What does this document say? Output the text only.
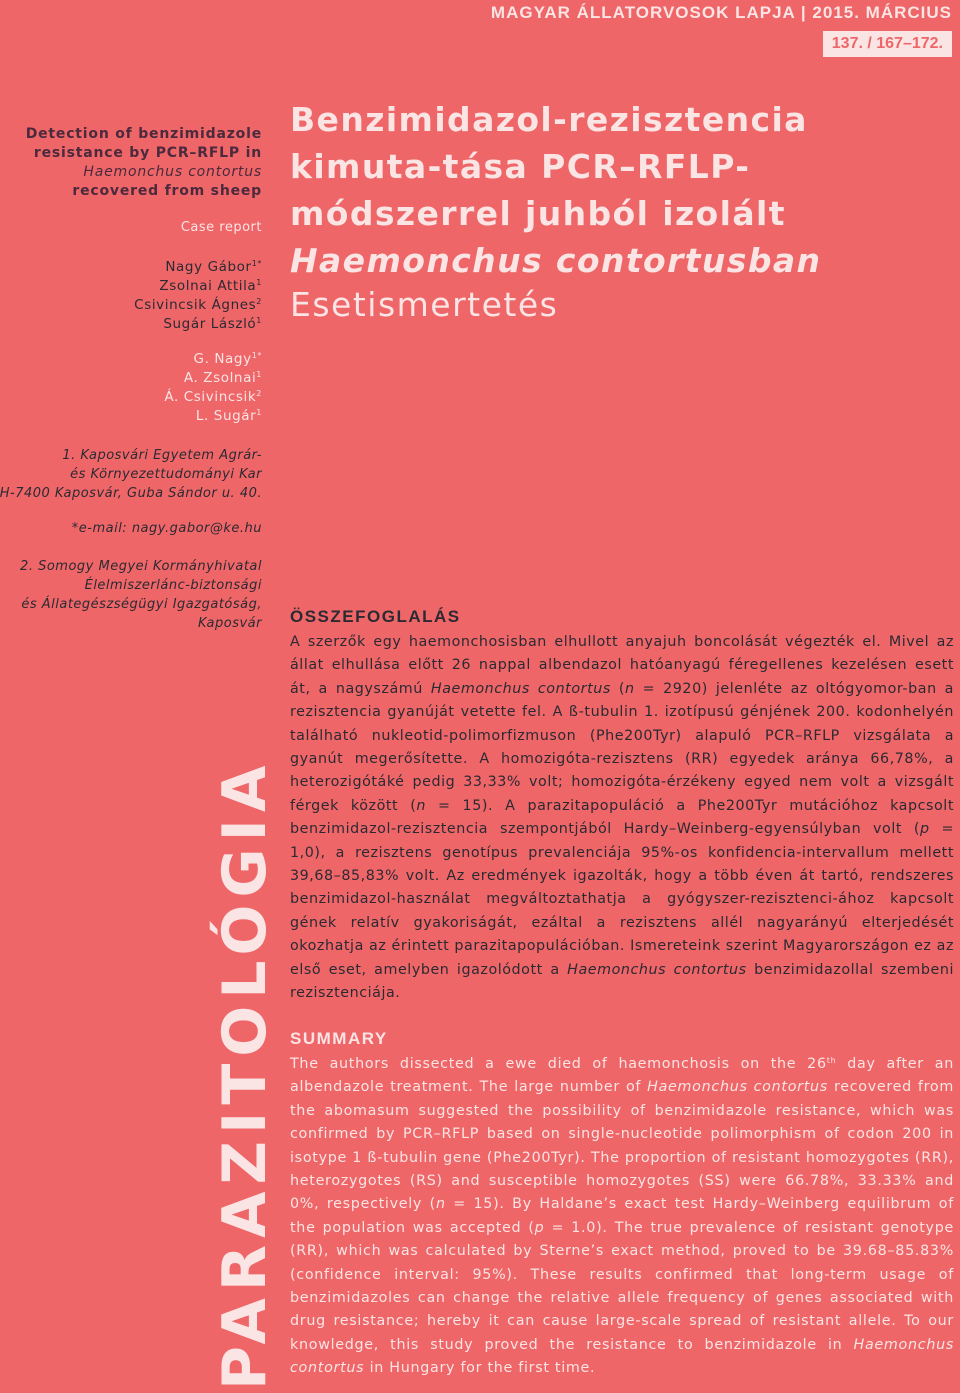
MAGYAR ÁLLATORVOSOK LAPJA | 2015. MÁRCIUS
137. / 167–172.
Detection of benzimidazole resistance by PCR–RFLP in Haemonchus contortus recovered from sheep
Case report
Nagy Gábor$^{1*}$
Zsolnai Attila$^1$
Csivincsik Ágnes$^2$
Sugár László$^1$
G. Nagy$^{1*}$
A. Zsolnai$^1$
Á. Csivincsik$^2$
L. Sugár$^1$
1. Kaposvári Egyetem Agrár-
és Környezettudományi Kar
H-7400 Kaposvár, Guba Sándor u. 40.
*e-mail: nagy.gabor@ke.hu
2. Somogy Megyei Kormányhivatal
Élelmiszerlánc-biztonsági
és Állategészségügyi Igazgatóság,
Kaposvár
PARAZITOLÓGIA
Benzimidazol-rezisztencia kimuta-tása PCR–RFLP-módszerrel juhból izolált Haemonchus contortusban
Esetismertetés
ÖSSZEFOGLALÁS

A szerzők egy haemonchosisban elhullott anyajuh boncolását végezték el. Mivel az állat elhullása előtt 26 nappal albendazol hatóanyagú féregellenes kezelésen esett át, a nagyszámú Haemonchus contortus (n = 2920) jelenléte az oltógyomor-ban a rezisztencia gyanúját vetette fel. A ß-tubulin 1. izotípusú génjének 200. kodonhelyén található nukleotid-polimorfizmuson (Phe200Tyr) alapuló PCR–RFLP vizsgálata a gyanút megerősítette. A homozigóta-rezisztens (RR) egyedek aránya 66,78%, a heterozigótáké pedig 33,33% volt; homozigóta-érzékeny egyed nem volt a vizsgált férgek között (n = 15). A parazitapopuláció a Phe200Tyr mutációhoz kapcsolt benzimidazol-rezisztencia szempontjából Hardy–Weinberg-egyensúlyban volt (p = 1,0), a rezisztens genotípus prevalenciája 95%-os konfidencia-intervallum mellett 39,68–85,83% volt. Az eredmények igazolták, hogy a több éven át tartó, rendszeres benzimidazol-használat megváltoztathatja a gyógyszer-rezisztenci-ához kapcsolt gének relatív gyakoriságát, ezáltal a rezisztens allél nagyarányú elterjedését okozhatja az érintett parazitapopulációban. Ismereteink szerint Magyarországon ez az első eset, amelyben igazolódott a Haemonchus contortus benzimidazollal szembeni rezisztenciája.

SUMMARY

The authors dissected a ewe died of haemonchosis on the 26th day after an albendazole treatment. The large number of Haemonchus contortus recovered from the abomasum suggested the possibility of benzimidazole resistance, which was confirmed by PCR–RFLP based on single-nucleotide polimorphism of codon 200 in isotype 1 ß-tubulin gene (Phe200Tyr). The proportion of resistant homozygotes (RR), heterozygotes (RS) and susceptible homozygotes (SS) were 66.78%, 33.33% and 0%, respectively (n = 15). By Haldane’s exact test Hardy–Weinberg equilibrum of the population was accepted (p = 1.0). The true prevalence of resistant genotype (RR), which was calculated by Sterne’s exact method, proved to be 39.68–85.83% (confidence interval: 95%). These results confirmed that long-term usage of benzimidazoles can change the relative allele frequency of genes associated with drug resistance; hereby it can cause large-scale spread of resistant allele. To our knowledge, this study proved the resistance to benzimidazole in Haemonchus contortus in Hungary for the first time.
